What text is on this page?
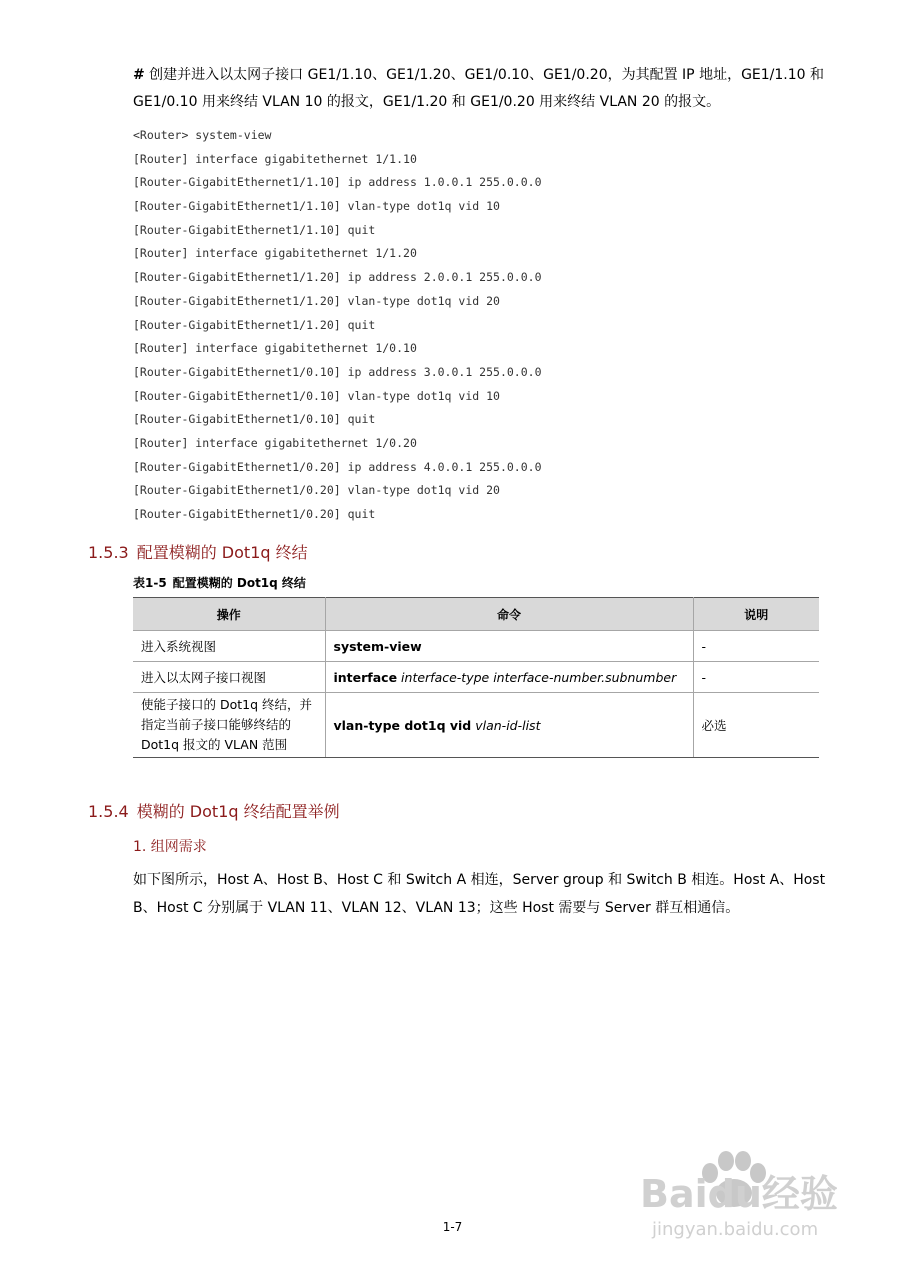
# 创建并进入以太网子接口 GE1/1.10、GE1/1.20、GE1/0.10、GE1/0.20，为其配置 IP 地址，GE1/1.10 和 GE1/0.10 用来终结 VLAN 10 的报文，GE1/1.20 和 GE1/0.20 用来终结 VLAN 20 的报文。

<Router> system-view
[Router] interface gigabitethernet 1/1.10
[Router-GigabitEthernet1/1.10] ip address 1.0.0.1 255.0.0.0
[Router-GigabitEthernet1/1.10] vlan-type dot1q vid 10
[Router-GigabitEthernet1/1.10] quit
[Router] interface gigabitethernet 1/1.20
[Router-GigabitEthernet1/1.20] ip address 2.0.0.1 255.0.0.0
[Router-GigabitEthernet1/1.20] vlan-type dot1q vid 20
[Router-GigabitEthernet1/1.20] quit
[Router] interface gigabitethernet 1/0.10
[Router-GigabitEthernet1/0.10] ip address 3.0.0.1 255.0.0.0
[Router-GigabitEthernet1/0.10] vlan-type dot1q vid 10
[Router-GigabitEthernet1/0.10] quit
[Router] interface gigabitethernet 1/0.20
[Router-GigabitEthernet1/0.20] ip address 4.0.0.1 255.0.0.0
[Router-GigabitEthernet1/0.20] vlan-type dot1q vid 20
[Router-GigabitEthernet1/0.20] quit
1.5.3 配置模糊的 Dot1q 终结

表1-5 配置模糊的 Dot1q 终结

操作	命令	说明
进入系统视图	system-view	-
进入以太网子接口视图	interface interface-type interface-number.subnumber	-
使能子接口的 Dot1q 终结，并指定当前子接口能够终结的 Dot1q 报文的 VLAN 范围	vlan-type dot1q vid vlan-id-list	必选
1.5.4 模糊的 Dot1q 终结配置举例
1. 组网需求

如下图所示，Host A、Host B、Host C 和 Switch A 相连，Server group 和 Switch B 相连。Host A、Host B、Host C 分别属于 VLAN 11、VLAN 12、VLAN 13；这些 Host 需要与 Server 群互相通信。

1-7
Baidu经验
jingyan.baidu.com
